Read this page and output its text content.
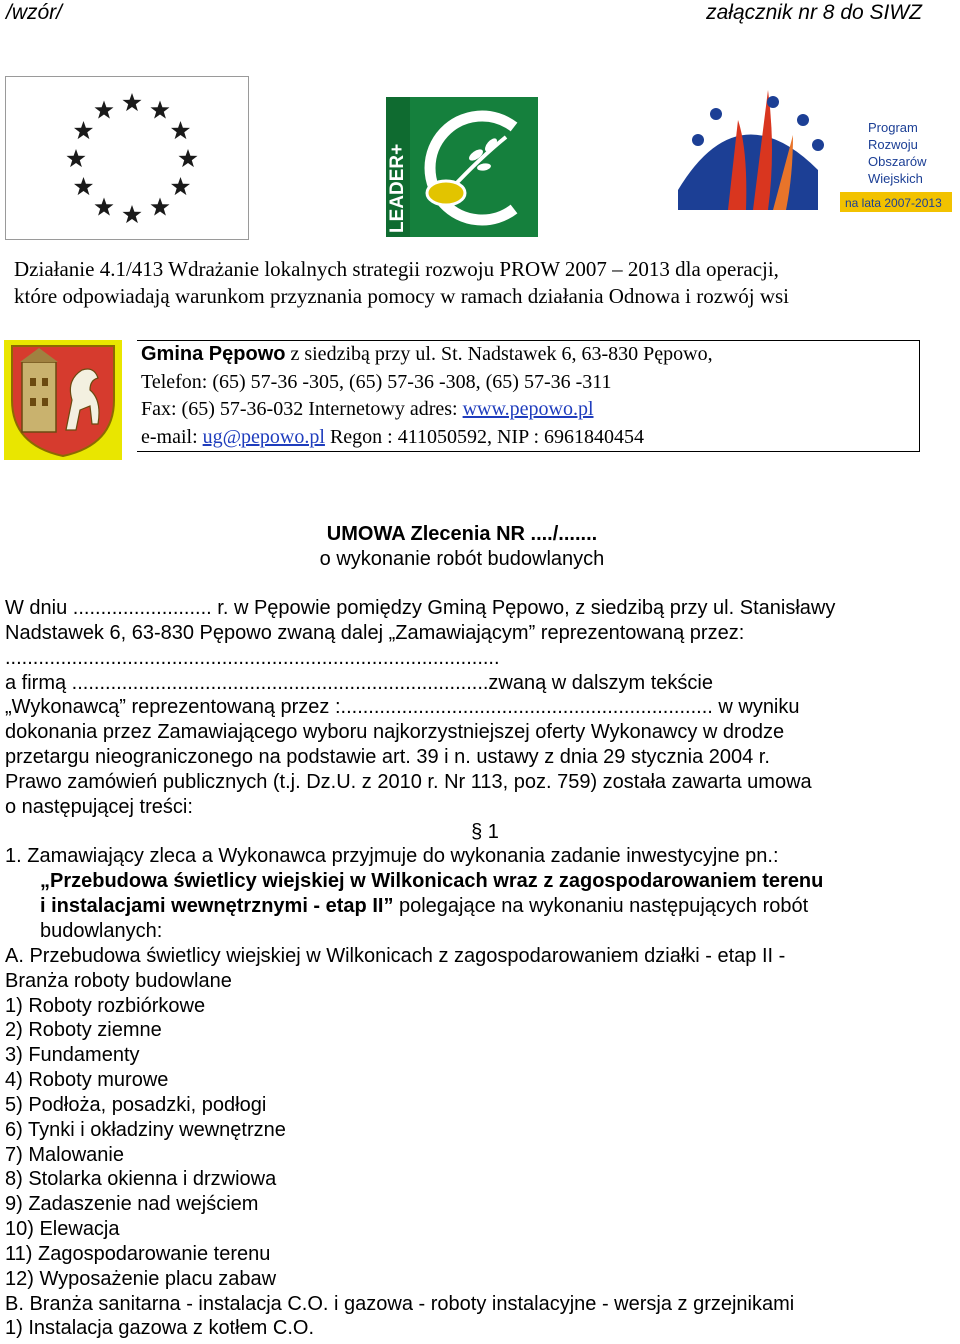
/wzór/	załącznik nr 8 do SIWZ
LEADER+
Program
Rozwoju
Obszarów
Wiejskich
na lata 2007-2013
Działanie 4.1/413 Wdrażanie lokalnych strategii rozwoju PROW 2007 – 2013 dla operacji,
które odpowiadają warunkom przyznania pomocy w ramach działania Odnowa i rozwój wsi
Gmina Pępowo z siedzibą przy ul. St. Nadstawek 6, 63-830 Pępowo,
Telefon: (65) 57-36 -305, (65) 57-36 -308, (65) 57-36 -311
Fax: (65) 57-36-032 Internetowy adres: www.pepowo.pl
e-mail: ug@pepowo.pl Regon : 411050592, NIP : 6961840454
UMOWA Zlecenia NR ..../.......
o wykonanie robót budowlanych
W dniu ......................... r. w Pępowie pomiędzy Gminą Pępowo, z siedzibą przy ul. Stanisławy
Nadstawek 6, 63-830 Pępowo zwaną dalej „Zamawiającym” reprezentowaną przez:
.........................................................................................
a firmą ...........................................................................zwaną w dalszym tekście
„Wykonawcą” reprezentowaną przez :................................................................... w wyniku
dokonania przez Zamawiającego wyboru najkorzystniejszej oferty Wykonawcy w drodze
przetargu nieograniczonego na podstawie art. 39 i n. ustawy z dnia 29 stycznia 2004 r.
Prawo zamówień publicznych (t.j. Dz.U. z 2010 r. Nr 113, poz. 759) została zawarta umowa
o następującej treści:
§ 1
1. Zamawiający zleca a Wykonawca przyjmuje do wykonania zadanie inwestycyjne pn.:
„Przebudowa świetlicy wiejskiej w Wilkonicach wraz z zagospodarowaniem terenu
i instalacjami wewnętrznymi - etap II” polegające na wykonaniu następujących robót
budowlanych:
A. Przebudowa świetlicy wiejskiej w Wilkonicach z zagospodarowaniem działki - etap II -
Branża roboty budowlane
1) Roboty rozbiórkowe
2) Roboty ziemne
3) Fundamenty
4) Roboty murowe
5) Podłoża, posadzki, podłogi
6) Tynki i okładziny wewnętrzne
7) Malowanie
8) Stolarka okienna i drzwiowa
9) Zadaszenie nad wejściem
10) Elewacja
11) Zagospodarowanie terenu
12) Wyposażenie placu zabaw
B. Branża sanitarna - instalacja C.O. i gazowa - roboty instalacyjne - wersja z grzejnikami
1) Instalacja gazowa z kotłem C.O.
